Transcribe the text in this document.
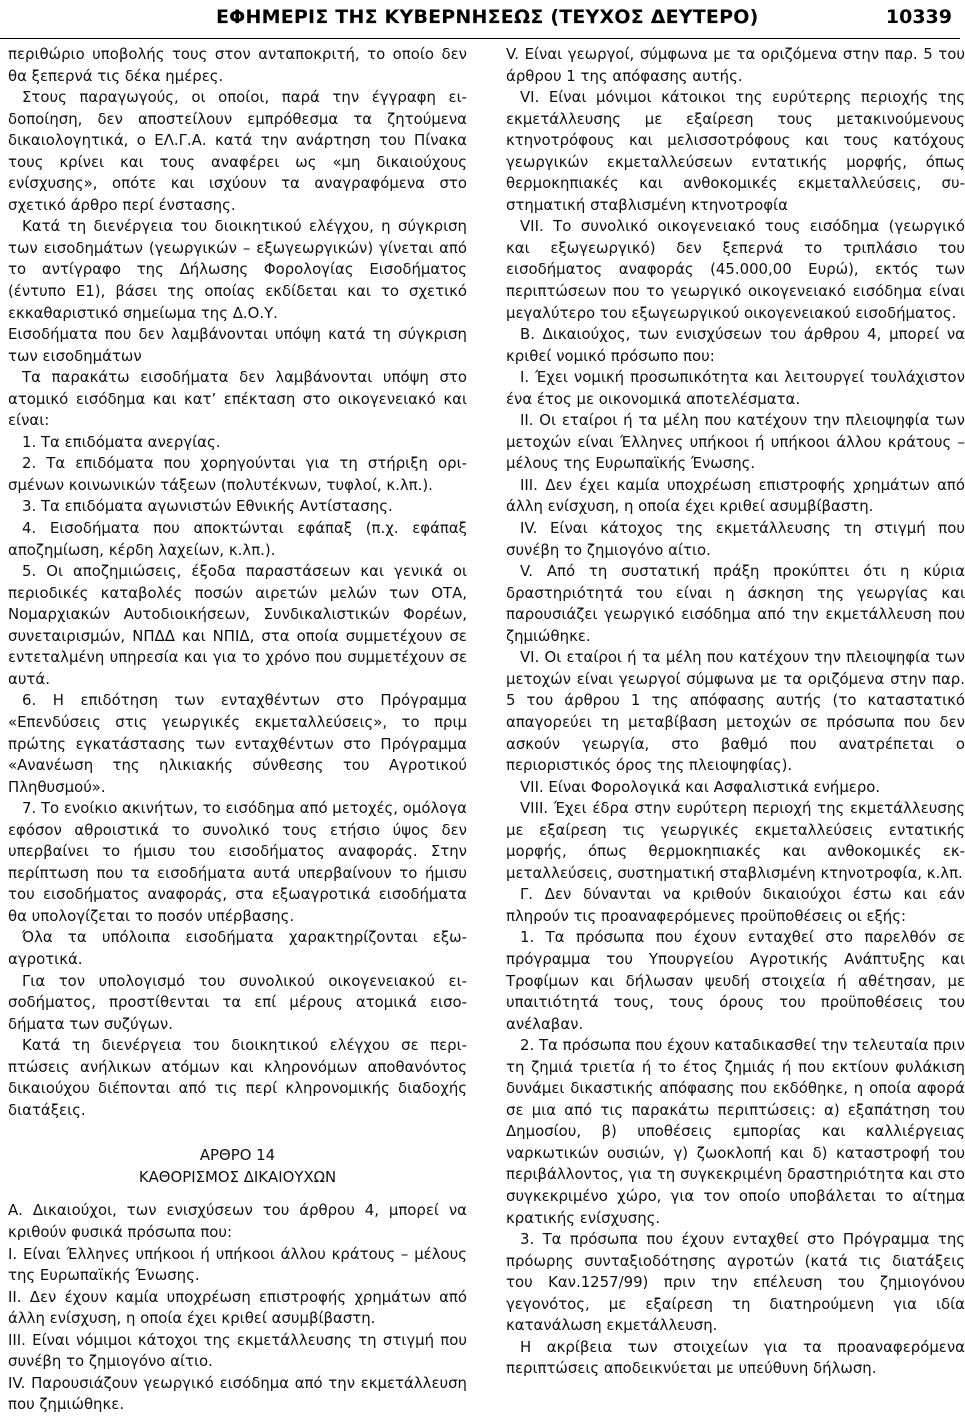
ΕΦΗΜΕΡΙΣ ΤΗΣ ΚΥΒΕΡΝΗΣΕΩΣ (ΤΕΥΧΟΣ ΔΕΥΤΕΡΟ)	10339

περιθώριο υποβολής τους στον ανταποκριτή, το οποίο δεν θα ξεπερνά τις δέκα ημέρες.

Στους παραγωγούς, οι οποίοι, παρά την έγγραφη ειδοποίηση, δεν αποστείλουν εμπρόθεσμα τα ζητούμενα δικαιολογητικά, ο ΕΛ.Γ.Α. κατά την ανάρτηση του Πίνακα τους κρίνει και τους αναφέρει ως «μη δικαιούχους ενίσχυσης», οπότε και ισχύουν τα αναγραφόμενα στο σχετικό άρθρο περί ένστασης.

Κατά τη διενέργεια του διοικητικού ελέγχου, η σύγκριση των εισοδημάτων (γεωργικών – εξωγεωργικών) γίνεται από το αντίγραφο της Δήλωσης Φορολογίας Εισοδήματος (έντυπο Ε1), βάσει της οποίας εκδίδεται και το σχετικό εκκαθαριστικό σημείωμα της Δ.Ο.Υ.

Εισοδήματα που δεν λαμβάνονται υπόψη κατά τη σύγκριση των εισοδημάτων

Τα παρακάτω εισοδήματα δεν λαμβάνονται υπόψη στο ατομικό εισόδημα και κατ’ επέκταση στο οικογενειακό και είναι:

1. Τα επιδόματα ανεργίας.

2. Τα επιδόματα που χορηγούνται για τη στήριξη ορισμένων κοινωνικών τάξεων (πολυτέκνων, τυφλοί, κ.λπ.).

3. Τα επιδόματα αγωνιστών Εθνικής Αντίστασης.

4. Εισοδήματα που αποκτώνται εφάπαξ (π.χ. εφάπαξ αποζημίωση, κέρδη λαχείων, κ.λπ.).

5. Οι αποζημιώσεις, έξοδα παραστάσεων και γενικά οι περιοδικές καταβολές ποσών αιρετών μελών των ΟΤΑ, Νομαρχιακών Αυτοδιοικήσεων, Συνδικαλιστικών Φορέων, συνεταιρισμών, ΝΠΔΔ και ΝΠΙΔ, στα οποία συμμετέχουν σε εντεταλμένη υπηρεσία και για το χρόνο που συμμετέχουν σε αυτά.

6. Η επιδότηση των ενταχθέντων στο Πρόγραμμα «Επενδύσεις στις γεωργικές εκμεταλλεύσεις», το πριμ πρώτης εγκατάστασης των ενταχθέντων στο Πρόγραμμα «Ανανέωση της ηλικιακής σύνθεσης του Αγροτικού Πληθυσμού».

7. Το ενοίκιο ακινήτων, το εισόδημα από μετοχές, ομόλογα εφόσον αθροιστικά το συνολικό τους ετήσιο ύψος δεν υπερβαίνει το ήμισυ του εισοδήματος αναφοράς. Στην περίπτωση που τα εισοδήματα αυτά υπερβαίνουν το ήμισυ του εισοδήματος αναφοράς, στα εξωαγροτικά εισοδήματα θα υπολογίζεται το ποσόν υπέρβασης.

Όλα τα υπόλοιπα εισοδήματα χαρακτηρίζονται εξωαγροτικά.

Για τον υπολογισμό του συνολικού οικογενειακού εισοδήματος, προστίθενται τα επί μέρους ατομικά εισοδήματα των συζύγων.

Κατά τη διενέργεια του διοικητικού ελέγχου σε περιπτώσεις ανήλικων ατόμων και κληρονόμων αποθανόντος δικαιούχου διέπονται από τις περί κληρονομικής διαδοχής διατάξεις.

ΑΡΘΡΟ 14

ΚΑΘΟΡΙΣΜΟΣ ΔΙΚΑΙΟΥΧΩΝ

Α. Δικαιούχοι, των ενισχύσεων του άρθρου 4, μπορεί να κριθούν φυσικά πρόσωπα που:

Ι. Είναι Έλληνες υπήκοοι ή υπήκοοι άλλου κράτους – μέλους της Ευρωπαϊκής Ένωσης.

ΙΙ. Δεν έχουν καμία υποχρέωση επιστροφής χρημάτων από άλλη ενίσχυση, η οποία έχει κριθεί ασυμβίβαστη.

ΙΙΙ. Είναι νόμιμοι κάτοχοι της εκμετάλλευσης τη στιγμή που συνέβη το ζημιογόνο αίτιο.

ΙV. Παρουσιάζουν γεωργικό εισόδημα από την εκμετάλλευση που ζημιώθηκε.

V. Είναι γεωργοί, σύμφωνα με τα οριζόμενα στην παρ. 5 του άρθρου 1 της απόφασης αυτής.

VI. Είναι μόνιμοι κάτοικοι της ευρύτερης περιοχής της εκμετάλλευσης με εξαίρεση τους μετακινούμενους κτηνοτρόφους και μελισσοτρόφους και τους κατόχους γεωργικών εκμεταλλεύσεων εντατικής μορφής, όπως θερμοκηπιακές και ανθοκομικές εκμεταλλεύσεις, συστηματική σταβλισμένη κτηνοτροφία

VII. Το συνολικό οικογενειακό τους εισόδημα (γεωργικό και εξωγεωργικό) δεν ξεπερνά το τριπλάσιο του εισοδήματος αναφοράς (45.000,00 Ευρώ), εκτός των περιπτώσεων που το γεωργικό οικογενειακό εισόδημα είναι μεγαλύτερο του εξωγεωργικού οικογενειακού εισοδήματος.

Β. Δικαιούχος, των ενισχύσεων του άρθρου 4, μπορεί να κριθεί νομικό πρόσωπο που:

I. Έχει νομική προσωπικότητα και λειτουργεί τουλάχιστον ένα έτος με οικονομικά αποτελέσματα.

II. Οι εταίροι ή τα μέλη που κατέχουν την πλειοψηφία των μετοχών είναι Έλληνες υπήκοοι ή υπήκοοι άλλου κράτους – μέλους της Ευρωπαϊκής Ένωσης.

ΙΙΙ. Δεν έχει καμία υποχρέωση επιστροφής χρημάτων από άλλη ενίσχυση, η οποία έχει κριθεί ασυμβίβαστη.

ΙV. Είναι κάτοχος της εκμετάλλευσης τη στιγμή που συνέβη το ζημιογόνο αίτιο.

V. Από τη συστατική πράξη προκύπτει ότι η κύρια δραστηριότητά του είναι η άσκηση της γεωργίας και παρουσιάζει γεωργικό εισόδημα από την εκμετάλλευση που ζημιώθηκε.

VI. Οι εταίροι ή τα μέλη που κατέχουν την πλειοψηφία των μετοχών είναι γεωργοί σύμφωνα με τα οριζόμενα στην παρ. 5 του άρθρου 1 της απόφασης αυτής (το καταστατικό απαγορεύει τη μεταβίβαση μετοχών σε πρόσωπα που δεν ασκούν γεωργία, στο βαθμό που ανατρέπεται ο περιοριστικός όρος της πλειοψηφίας).

VII. Είναι Φορολογικά και Ασφαλιστικά ενήμερο.

VIII. Έχει έδρα στην ευρύτερη περιοχή της εκμετάλλευσης με εξαίρεση τις γεωργικές εκμεταλλεύσεις εντατικής μορφής, όπως θερμοκηπιακές και ανθοκομικές εκμεταλλεύσεις, συστηματική σταβλισμένη κτηνοτροφία, κ.λπ.

Γ. Δεν δύνανται να κριθούν δικαιούχοι έστω και εάν πληρούν τις προαναφερόμενες προϋποθέσεις οι εξής:

1. Τα πρόσωπα που έχουν ενταχθεί στο παρελθόν σε πρόγραμμα του Υπουργείου Αγροτικής Ανάπτυξης και Τροφίμων και δήλωσαν ψευδή στοιχεία ή αθέτησαν, με υπαιτιότητά τους, τους όρους του προϋποθέσεις του ανέλαβαν.

2. Τα πρόσωπα που έχουν καταδικασθεί την τελευταία πριν τη ζημιά τριετία ή το έτος ζημιάς ή που εκτίουν φυλάκιση δυνάμει δικαστικής απόφασης που εκδόθηκε, η οποία αφορά σε μια από τις παρακάτω περιπτώσεις: α) εξαπάτηση του Δημοσίου, β) υποθέσεις εμπορίας και καλλιέργειας ναρκωτικών ουσιών, γ) ζωοκλοπή και δ) καταστροφή του περιβάλλοντος, για τη συγκεκριμένη δραστηριότητα και στο συγκεκριμένο χώρο, για τον οποίο υποβάλεται το αίτημα κρατικής ενίσχυσης.

3. Τα πρόσωπα που έχουν ενταχθεί στο Πρόγραμμα της πρόωρης συνταξιοδότησης αγροτών (κατά τις διατάξεις του Καν.1257/99) πριν την επέλευση του ζημιογόνου γεγονότος, με εξαίρεση τη διατηρούμενη για ιδία κατανάλωση εκμετάλλευση.

Η ακρίβεια των στοιχείων για τα προαναφερόμενα περιπτώσεις αποδεικνύεται με υπεύθυνη δήλωση.
